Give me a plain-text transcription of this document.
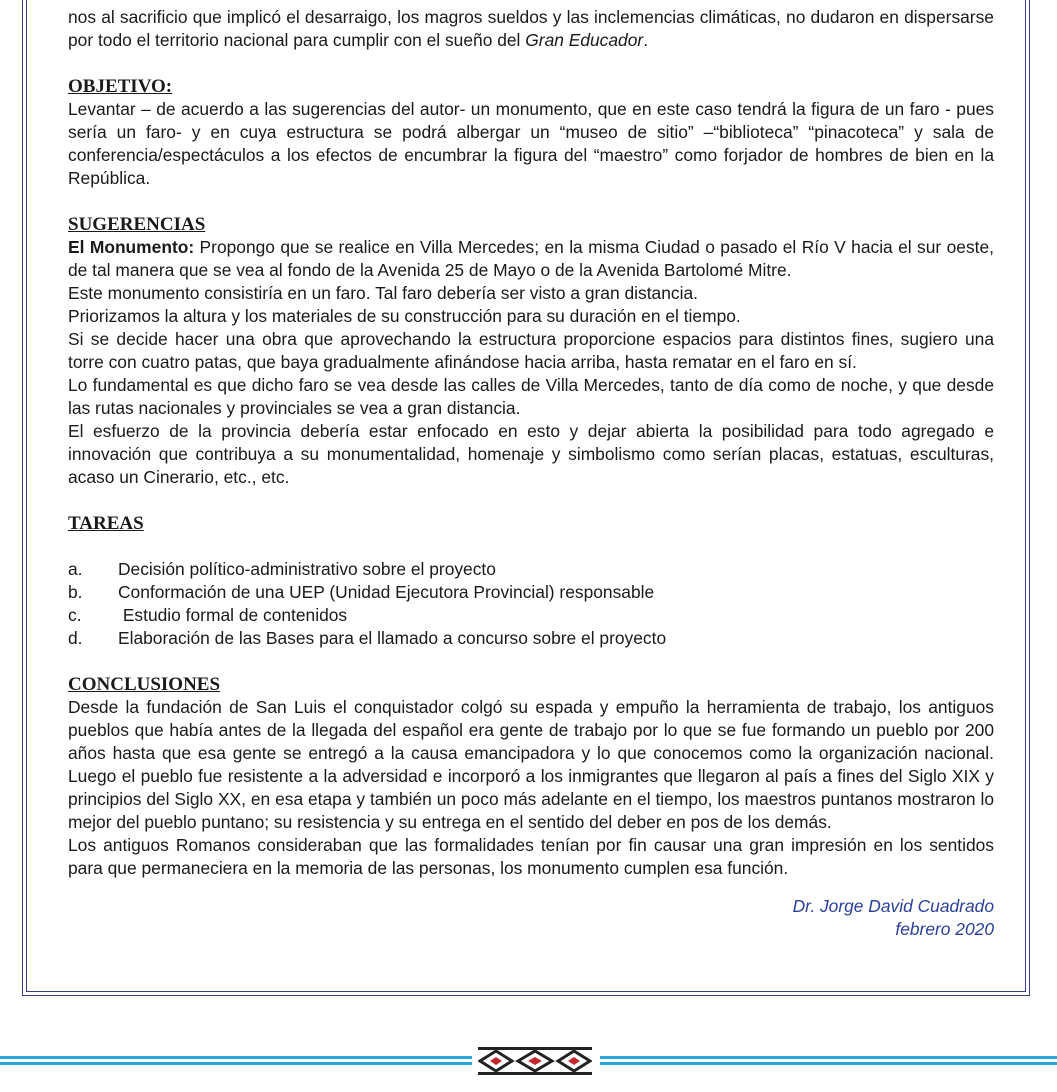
nos al sacrificio que implicó el desarraigo, los magros sueldos y las inclemencias climáticas, no dudaron en dispersarse por todo el territorio nacional para cumplir con el sueño del Gran Educador.

OBJETIVO:

Levantar – de acuerdo a las sugerencias del autor- un monumento, que en este caso tendrá la figura de un faro - pues sería un faro- y en cuya estructura se podrá albergar un “museo de sitio” –“biblioteca” “pinacoteca” y sala de conferencia/espectáculos a los efectos de encumbrar la figura del “maestro” como forjador de hombres de bien en la República.

SUGERENCIAS

El Monumento: Propongo que se realice en Villa Mercedes; en la misma Ciudad o pasado el Río V hacia el sur oeste, de tal manera que se vea al fondo de la Avenida 25 de Mayo o de la Avenida Bartolomé Mitre.

Este monumento consistiría en un faro. Tal faro debería ser visto a gran distancia.

Priorizamos la altura y los materiales de su construcción para su duración en el tiempo.

Si se decide hacer una obra que aprovechando la estructura proporcione espacios para distintos fines, sugiero una torre con cuatro patas, que baya gradualmente afinándose hacia arriba, hasta rematar en el faro en sí.

Lo fundamental es que dicho faro se vea desde las calles de Villa Mercedes, tanto de día como de noche, y que desde las rutas nacionales y provinciales se vea a gran distancia.

El esfuerzo de la provincia debería estar enfocado en esto y dejar abierta la posibilidad para todo agregado e innovación que contribuya a su monumentalidad, homenaje y simbolismo como serían placas, estatuas, esculturas, acaso un Cinerario, etc., etc.

TAREAS

a. Decisión político-administrativo sobre el proyecto
b. Conformación de una UEP (Unidad Ejecutora Provincial) responsable
c. Estudio formal de contenidos
d. Elaboración de las Bases para el llamado a concurso sobre el proyecto

CONCLUSIONES

Desde la fundación de San Luis el conquistador colgó su espada y empuño la herramienta de trabajo, los antiguos pueblos que había antes de la llegada del español era gente de trabajo por lo que se fue formando un pueblo por 200 años hasta que esa gente se entregó a la causa emancipadora y lo que conocemos como la organización nacional. Luego el pueblo fue resistente a la adversidad e incorporó a los inmigrantes que llegaron al país a fines del Siglo XIX y principios del Siglo XX, en esa etapa y también un poco más adelante en el tiempo, los maestros puntanos mostraron lo mejor del pueblo puntano; su resistencia y su entrega en el sentido del deber en pos de los demás.

Los antiguos Romanos consideraban que las formalidades tenían por fin causar una gran impresión en los sentidos para que permaneciera en la memoria de las personas, los monumento cumplen esa función.

Dr. Jorge David Cuadrado
febrero 2020
